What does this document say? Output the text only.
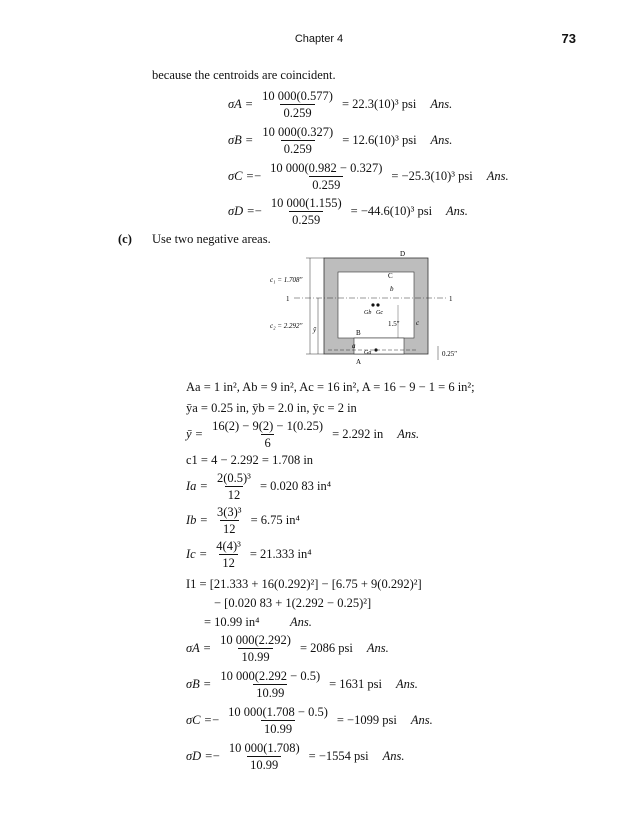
Chapter 4	73
because the centroids are coincident.
$\sigma A = \frac{10 000(0.577)}{0.259} = 22.3(10)^3$ psi Ans.
$\sigma B = \frac{10 000(0.327)}{0.259} = 12.6(10)^3$ psi Ans.
σC = − $\frac{10 000(0.982 - 0.327)}{0.259} = -25.3(10)^3$ psi Ans.
σD = − $\frac{10 000(1.155)}{0.259} = -44.6(10)^3$ psi Ans.
(c) Use two negative areas.
D
C
b
B
a
A
c
c₁ = 1.708″
c₂ = 2.292″
1	1
Gb Gc
Ga
ȳ
1.5″
0.25″
Aa = 1 in², Ab = 9 in², Ac = 16 in², A = 16 − 9 − 1 = 6 in²;
ȳa = 0.25 in, ȳb = 2.0 in, ȳc = 2 in
ȳ = $\frac{16(2) - 9(2) - 1(0.25)}{6} = 2.292$ in Ans.
c1 = 4 − 2.292 = 1.708 in
$Ia = \frac{\text{2(0.5)³}}{12} = 0.020$ 83 in⁴
$Ib = \frac{\text{3(3)³}}{12} = 6.75$ in⁴
$Ic = \frac{\text{4(4)³}}{12} = 21.333$ in⁴
I1 = [21.333 + 16(0.292)²] − [6.75 + 9(0.292)²]
− [0.020 83 + 1(2.292 − 0.25)²]
= 10.99 in⁴ Ans.
$\sigma A = \frac{10 000(2.292)}{10.99} = 2086$ psi Ans.
$\sigma B = \frac{10 000(2.292 - 0.5)}{10.99} = 1631$ psi Ans.
σC = − $\frac{10 000(1.708 - 0.5)}{10.99} = -1099$ psi Ans.
σD = − $\frac{10 000(1.708)}{10.99} = -1554$ psi Ans.
